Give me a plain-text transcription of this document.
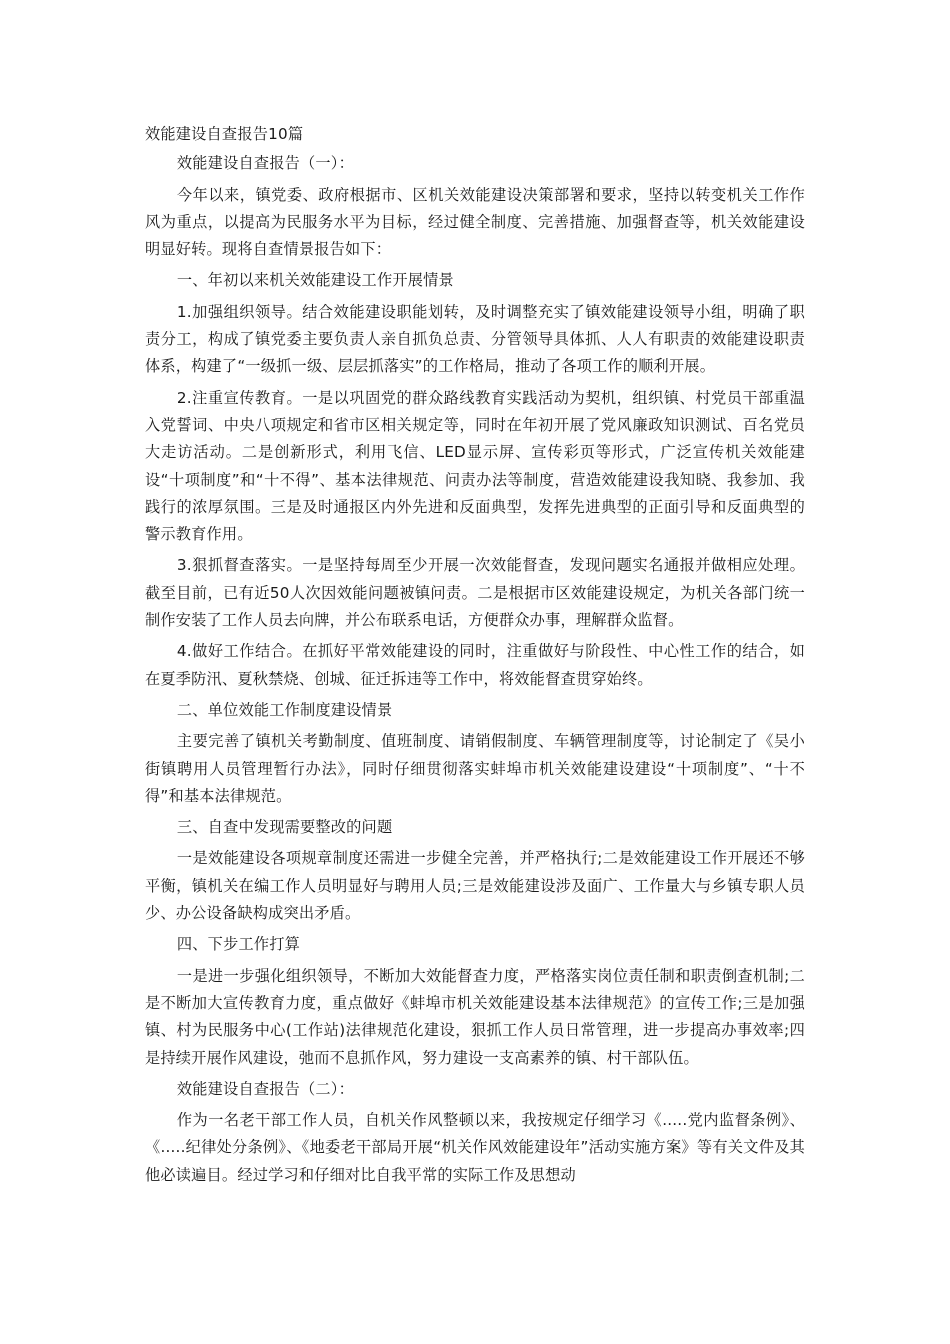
效能建设自查报告10篇

效能建设自查报告（一）：

今年以来，镇党委、政府根据市、区机关效能建设决策部署和要求，坚持以转变机关工作作风为重点，以提高为民服务水平为目标，经过健全制度、完善措施、加强督查等，机关效能建设明显好转。现将自查情景报告如下：

一、年初以来机关效能建设工作开展情景

1.加强组织领导。结合效能建设职能划转，及时调整充实了镇效能建设领导小组，明确了职责分工，构成了镇党委主要负责人亲自抓负总责、分管领导具体抓、人人有职责的效能建设职责体系，构建了“一级抓一级、层层抓落实”的工作格局，推动了各项工作的顺利开展。

2.注重宣传教育。一是以巩固党的群众路线教育实践活动为契机，组织镇、村党员干部重温入党誓词、中央八项规定和省市区相关规定等，同时在年初开展了党风廉政知识测试、百名党员大走访活动。二是创新形式，利用飞信、LED显示屏、宣传彩页等形式，广泛宣传机关效能建设“十项制度”和“十不得”、基本法律规范、问责办法等制度，营造效能建设我知晓、我参加、我践行的浓厚氛围。三是及时通报区内外先进和反面典型，发挥先进典型的正面引导和反面典型的警示教育作用。

3.狠抓督查落实。一是坚持每周至少开展一次效能督查，发现问题实名通报并做相应处理。截至目前，已有近50人次因效能问题被镇问责。二是根据市区效能建设规定，为机关各部门统一制作安装了工作人员去向牌，并公布联系电话，方便群众办事，理解群众监督。

4.做好工作结合。在抓好平常效能建设的同时，注重做好与阶段性、中心性工作的结合，如在夏季防汛、夏秋禁烧、创城、征迁拆违等工作中，将效能督查贯穿始终。

二、单位效能工作制度建设情景

主要完善了镇机关考勤制度、值班制度、请销假制度、车辆管理制度等，讨论制定了《吴小街镇聘用人员管理暂行办法》，同时仔细贯彻落实蚌埠市机关效能建设建设“十项制度”、“十不得”和基本法律规范。

三、自查中发现需要整改的问题

一是效能建设各项规章制度还需进一步健全完善，并严格执行;二是效能建设工作开展还不够平衡，镇机关在编工作人员明显好与聘用人员;三是效能建设涉及面广、工作量大与乡镇专职人员少、办公设备缺构成突出矛盾。

四、下步工作打算

一是进一步强化组织领导，不断加大效能督查力度，严格落实岗位责任制和职责倒查机制;二是不断加大宣传教育力度，重点做好《蚌埠市机关效能建设基本法律规范》的宣传工作;三是加强镇、村为民服务中心(工作站)法律规范化建设，狠抓工作人员日常管理，进一步提高办事效率;四是持续开展作风建设，弛而不息抓作风，努力建设一支高素养的镇、村干部队伍。

效能建设自查报告（二）：

作为一名老干部工作人员，自机关作风整顿以来，我按规定仔细学习《.....党内监督条例》、《.....纪律处分条例》、《地委老干部局开展“机关作风效能建设年”活动实施方案》等有关文件及其他必读遍目。经过学习和仔细对比自我平常的实际工作及思想动
